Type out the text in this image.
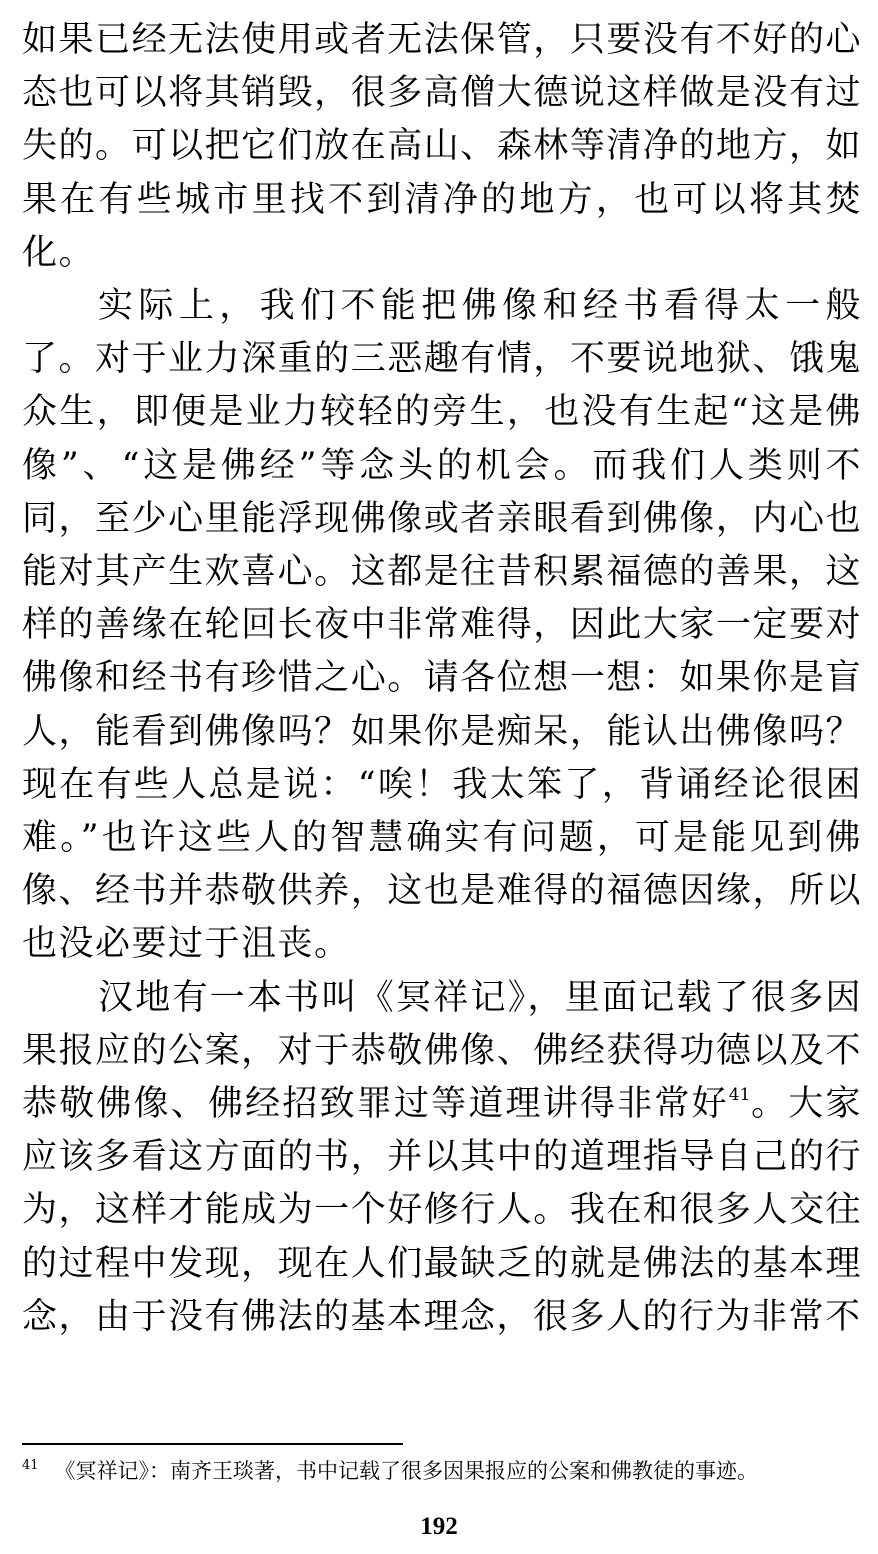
如果已经无法使用或者无法保管，只要没有不好的心态也可以将其销毁，很多高僧大德说这样做是没有过失的。可以把它们放在高山、森林等清净的地方，如果在有些城市里找不到清净的地方，也可以将其焚化。

实际上，我们不能把佛像和经书看得太一般了。对于业力深重的三恶趣有情，不要说地狱、饿鬼众生，即便是业力较轻的旁生，也没有生起“这是佛像”、“这是佛经”等念头的机会。而我们人类则不同，至少心里能浮现佛像或者亲眼看到佛像，内心也能对其产生欢喜心。这都是往昔积累福德的善果，这样的善缘在轮回长夜中非常难得，因此大家一定要对佛像和经书有珍惜之心。请各位想一想：如果你是盲人，能看到佛像吗？如果你是痴呆，能认出佛像吗？现在有些人总是说：“唉！我太笨了，背诵经论很困难。”也许这些人的智慧确实有问题，可是能见到佛像、经书并恭敬供养，这也是难得的福德因缘，所以也没必要过于沮丧。

汉地有一本书叫《冥祥记》，里面记载了很多因果报应的公案，对于恭敬佛像、佛经获得功德以及不恭敬佛像、佛经招致罪过等道理讲得非常好$^{41}$。大家应该多看这方面的书，并以其中的道理指导自己的行为，这样才能成为一个好修行人。我在和很多人交往的过程中发现，现在人们最缺乏的就是佛法的基本理念，由于没有佛法的基本理念，很多人的行为非常不

$^{41}$ 《冥祥记》：南齐王琰著，书中记载了很多因果报应的公案和佛教徒的事迹。
192
